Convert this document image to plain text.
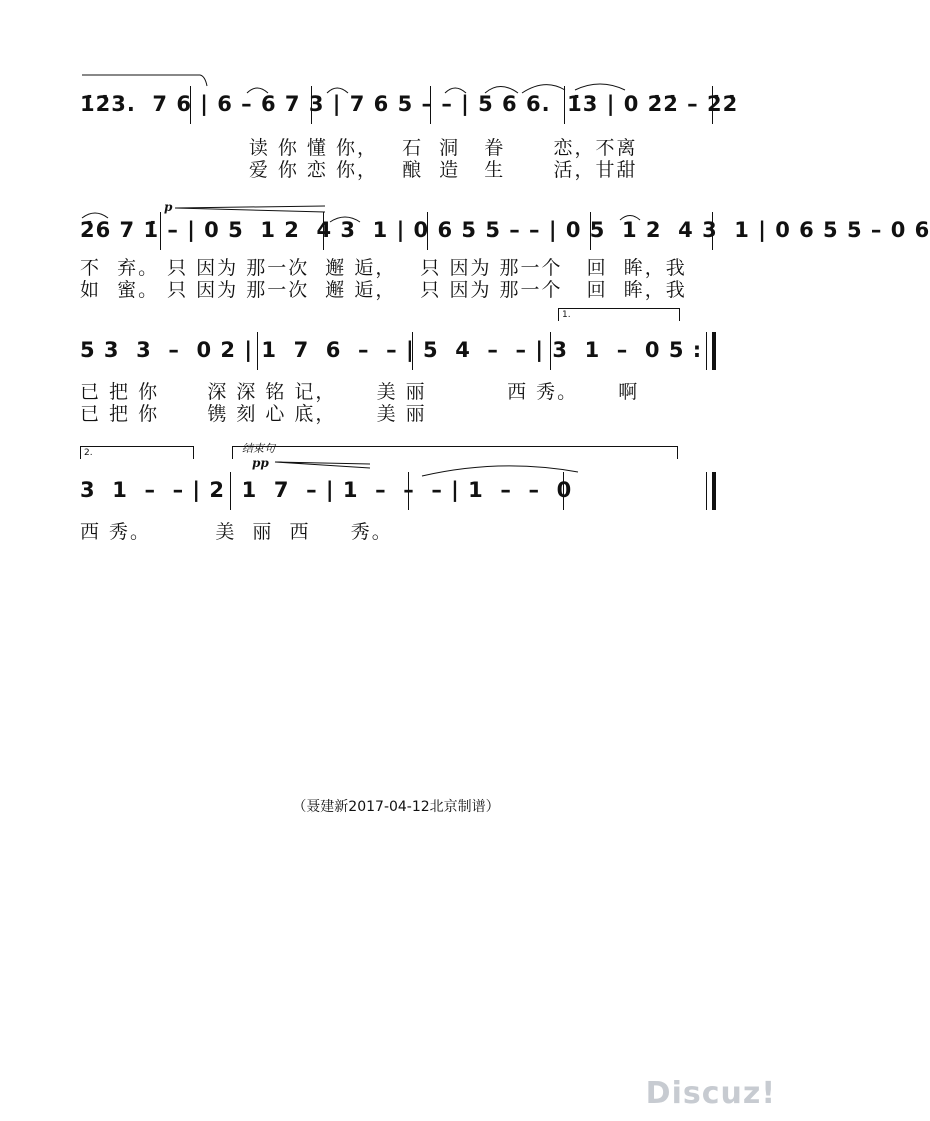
1̇2̇3.  7 6 | 6 – 6 7 3 | 7 6 5 – – | 5 6 6.  1̇3 | 0 2̇2̇ – 2̇2̇
读 你 懂 你，   石  洞   眷      恋，不离
爱 你 恋 你，   酿  造   生      活，甘甜
p
2̇6 7 1̇ – | 0 5  1 2  4 3  1 | 0 6 5 5 – – | 0 5  1 2  4 3  1 | 0 6 5 5 – 0 6
不  弃。 只 因为 那一次  邂 逅，   只 因为 那一个   回  眸，我
如  蜜。 只 因为 那一次  邂 逅，   只 因为 那一个   回  眸，我
1.
5 3  3  –  0 2 | 1  7  6  –  – | 5  4  –  – | 3  1  –  0 5 :
已 把 你      深 深 铭 记，     美 丽          西 秀。     啊
已 把 你      镌 刻 心 底，     美 丽
2.	结束句
pp
3  1  –  – | 2  1  7  – | 1  –  –  – | 1  –  –  0
西 秀。        美  丽  西     秀。
（聂建新2017-04-12北京制谱）
Discuz!
